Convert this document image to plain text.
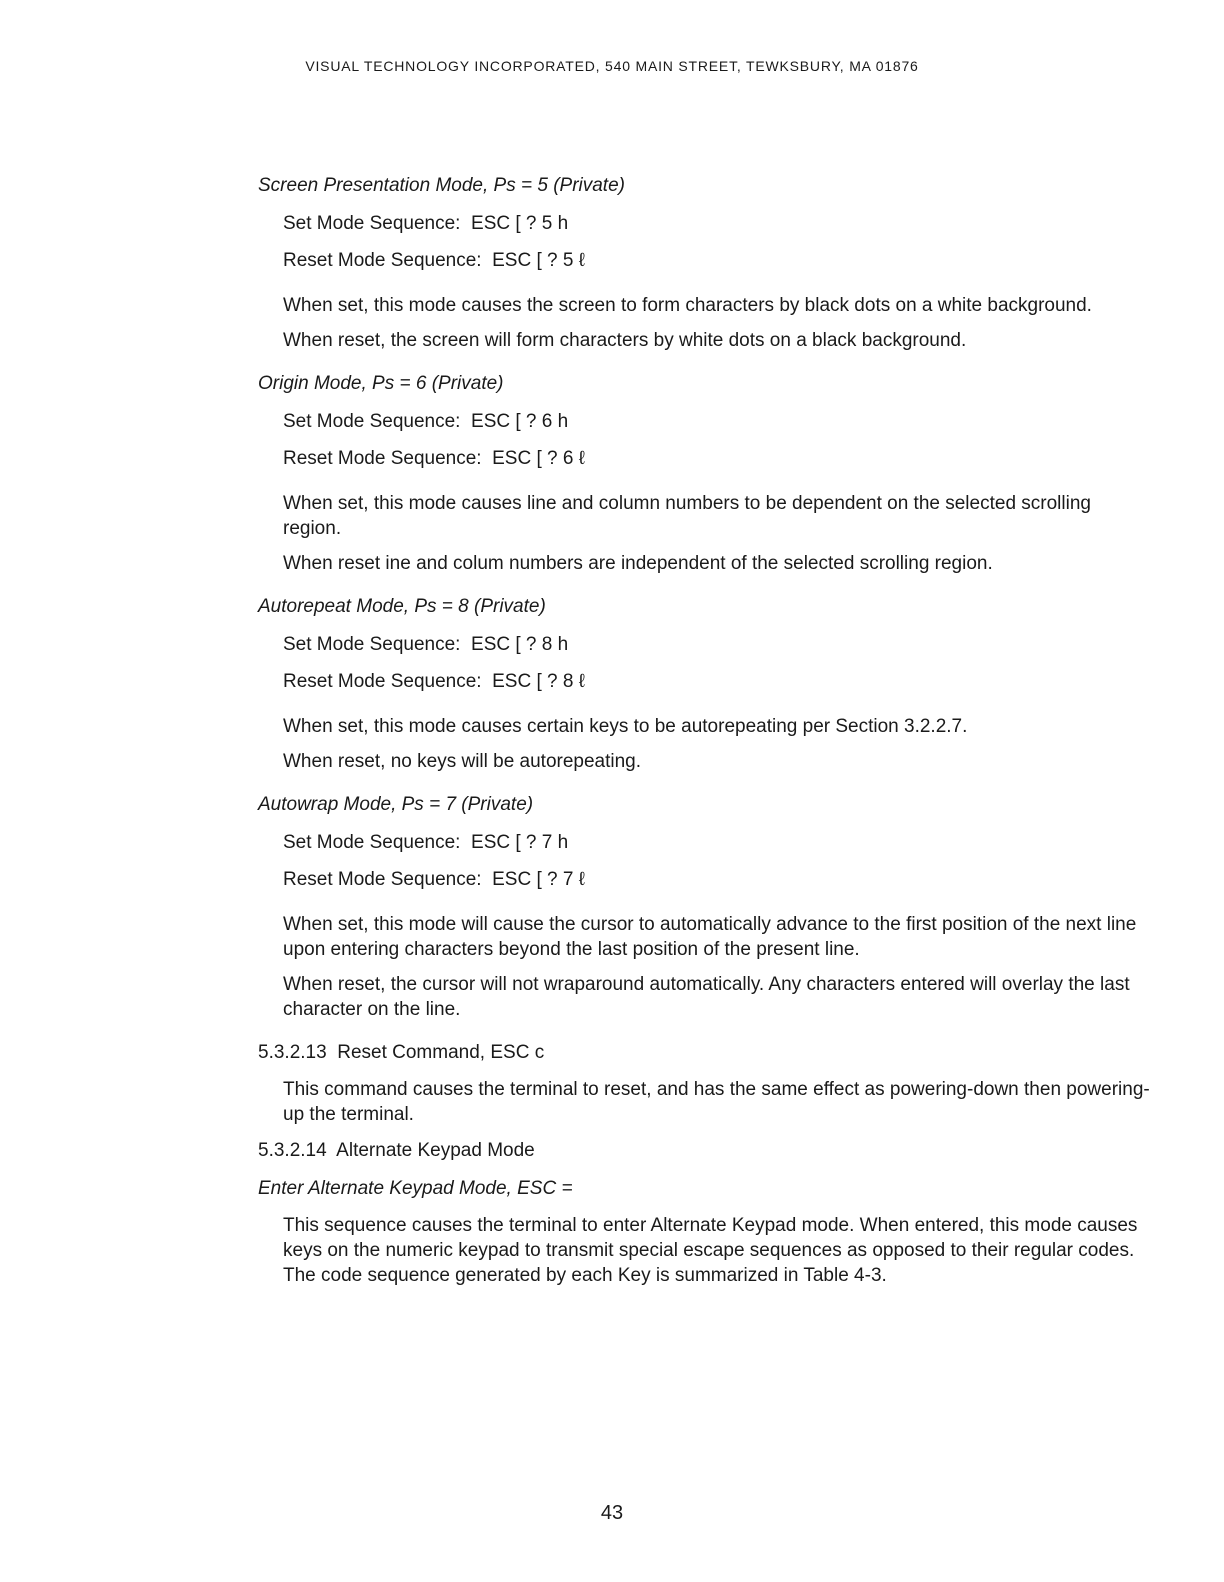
VISUAL TECHNOLOGY INCORPORATED, 540 MAIN STREET, TEWKSBURY, MA 01876
Screen Presentation Mode, Ps = 5 (Private)
Set Mode Sequence:  ESC [ ? 5 h
Reset Mode Sequence:  ESC [ ? 5 ℓ
When set, this mode causes the screen to form characters by black dots on a white background.
When reset, the screen will form characters by white dots on a black background.
Origin Mode, Ps = 6 (Private)
Set Mode Sequence:  ESC [ ? 6 h
Reset Mode Sequence:  ESC [ ? 6 ℓ
When set, this mode causes line and column numbers to be dependent on the selected scrolling region.
When reset ine and colum numbers are independent of the selected scrolling region.
Autorepeat Mode, Ps = 8 (Private)
Set Mode Sequence:  ESC [ ? 8 h
Reset Mode Sequence:  ESC [ ? 8 ℓ
When set, this mode causes certain keys to be autorepeating per Section 3.2.2.7.
When reset, no keys will be autorepeating.
Autowrap Mode, Ps = 7 (Private)
Set Mode Sequence:  ESC [ ? 7 h
Reset Mode Sequence:  ESC [ ? 7 ℓ
When set, this mode will cause the cursor to automatically advance to the first position of the next line upon entering characters beyond the last position of the present line.
When reset, the cursor will not wraparound automatically. Any characters entered will overlay the last character on the line.
5.3.2.13  Reset Command, ESC c
This command causes the terminal to reset, and has the same effect as powering-down then powering-up the terminal.
5.3.2.14  Alternate Keypad Mode
Enter Alternate Keypad Mode, ESC =
This sequence causes the terminal to enter Alternate Keypad mode. When entered, this mode causes keys on the numeric keypad to transmit special escape sequences as opposed to their regular codes. The code sequence generated by each Key is summarized in Table 4-3.
43
